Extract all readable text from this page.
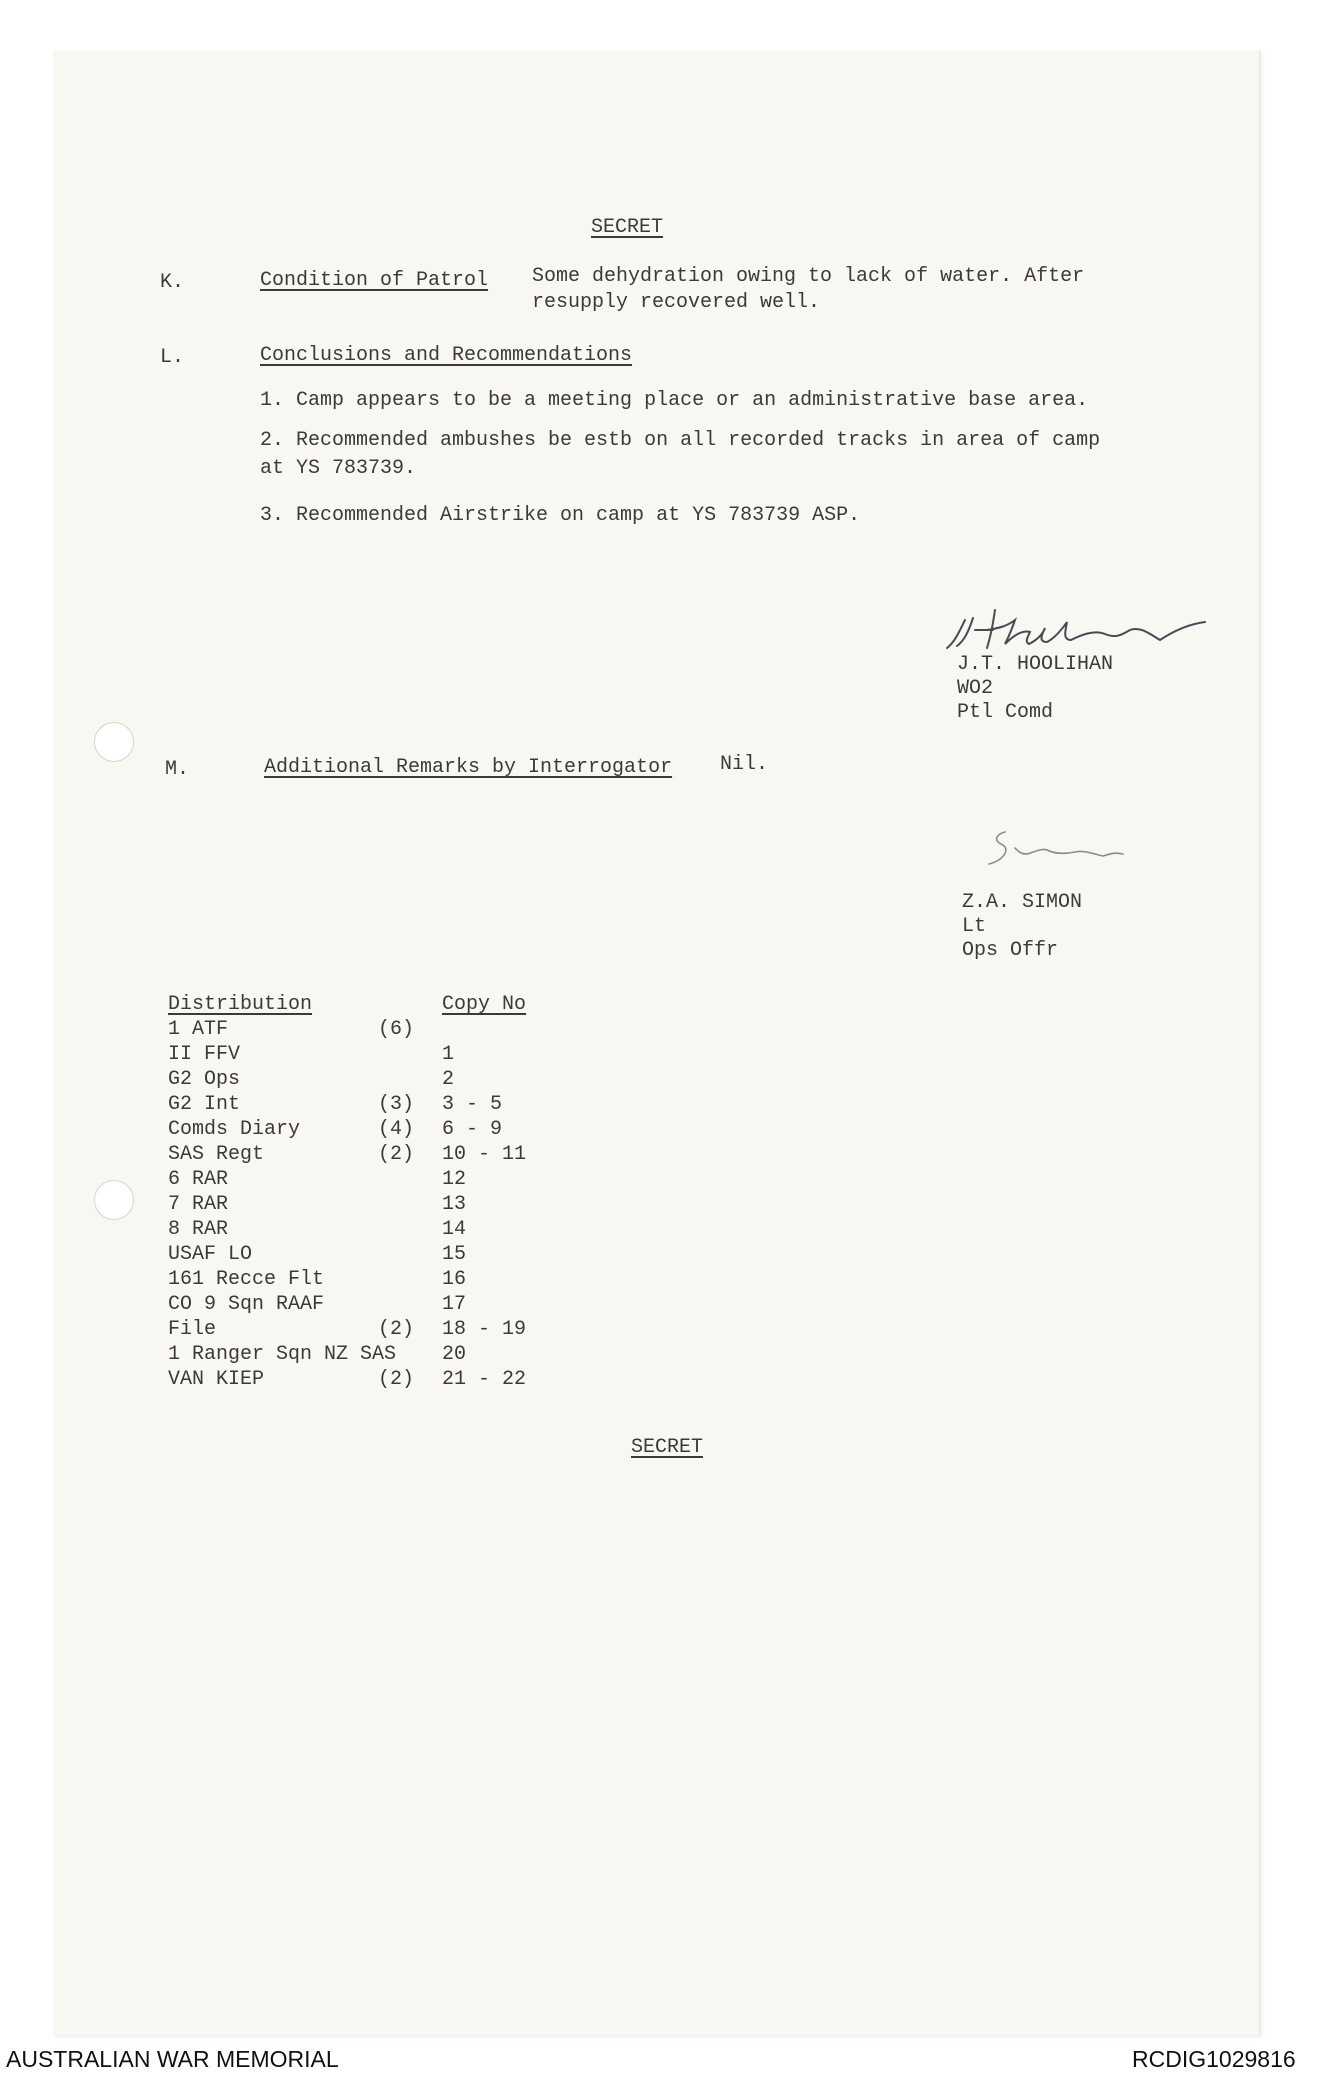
SECRET
K.	Condition of Patrol Some dehydration owing to lack of water. After
resupply recovered well.
L.	Conclusions and Recommendations
1. Camp appears to be a meeting place or an administrative base area.
2. Recommended ambushes be estb on all recorded tracks in area of camp
at YS 783739.
3. Recommended Airstrike on camp at YS 783739 ASP.
J.T. HOOLIHAN
WO2
Ptl Comd
M.	Additional Remarks by Interrogator Nil.
Z.A. SIMON
Lt
Ops Offr
Distribution	Copy No
1 ATF	(6)
II FFV	1
G2 Ops	2
G2 Int	(3) 3 - 5
Comds Diary	(4) 6 - 9
SAS Regt	(2) 10 - 11
6 RAR	12
7 RAR	13
8 RAR	14
USAF LO	15
161 Recce Flt	16
CO 9 Sqn RAAF	17
File	(2) 18 - 19
1 Ranger Sqn NZ SAS 20
VAN KIEP	(2) 21 - 22
SECRET
AUSTRALIAN WAR MEMORIAL	RCDIG1029816
